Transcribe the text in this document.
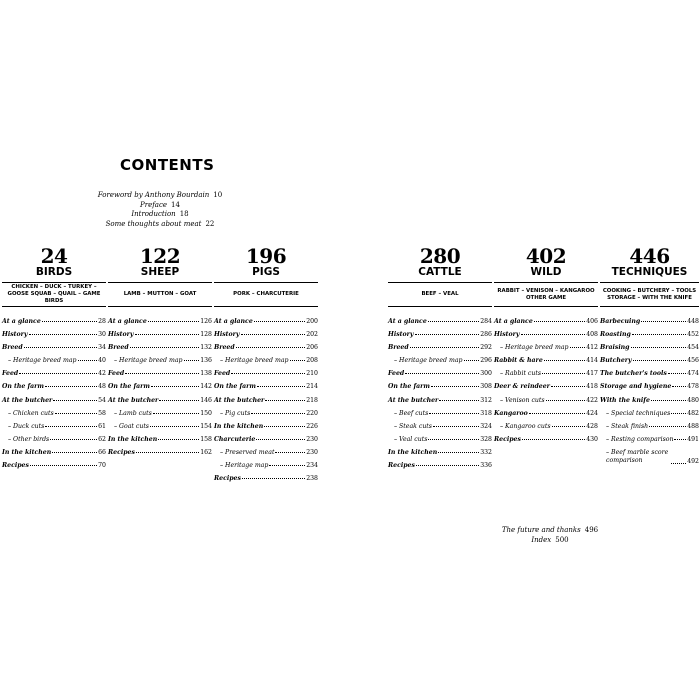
CONTENTS
Foreword by Anthony Bourdain 10
Preface 14
Introduction 18
Some thoughts about meat 22
24
BIRDS
CHICKEN – DUCK – TURKEY – GOOSE SQUAB – QUAIL – GAME BIRDS
At a glance	28
History	30
Breed	34
– Heritage breed map	40
Feed	42
On the farm	48
At the butcher	54
– Chicken cuts	58
– Duck cuts	61
– Other birds	62
In the kitchen	66
Recipes	70
122
SHEEP
LAMB – MUTTON – GOAT
At a glance	126
History	128
Breed	132
– Heritage breed map	136
Feed	138
On the farm	142
At the butcher	146
– Lamb cuts	150
– Goat cuts	154
In the kitchen	158
Recipes	162
196
PIGS
PORK – CHARCUTERIE
At a glance	200
History	202
Breed	206
– Heritage breed map	208
Feed	210
On the farm	214
At the butcher	218
– Pig cuts	220
In the kitchen	226
Charcuterie	230
– Preserved meat	230
– Heritage map	234
Recipes	238
280
CATTLE
BEEF – VEAL
At a glance	284
History	286
Breed	292
– Heritage breed map	296
Feed	300
On the farm	308
At the butcher	312
– Beef cuts	318
– Steak cuts	324
– Veal cuts	328
In the kitchen	332
Recipes	336
402
WILD
RABBIT – VENISON – KANGAROO OTHER GAME
At a glance	406
History	408
– Heritage breed map	412
Rabbit & hare	414
– Rabbit cuts	417
Deer & reindeer	418
– Venison cuts	422
Kangaroo	424
– Kangaroo cuts	428
Recipes	430
446
TECHNIQUES
COOKING – BUTCHERY – TOOLS STORAGE – WITH THE KNIFE
Barbecuing	448
Roasting	452
Braising	454
Butchery	456
The butcher's tools	474
Storage and hygiene	478
With the knife	480
– Special techniques	482
– Steak finish	488
– Resting comparison 491
– Beef marble score comparison	492
The future and thanks 496
Index 500
